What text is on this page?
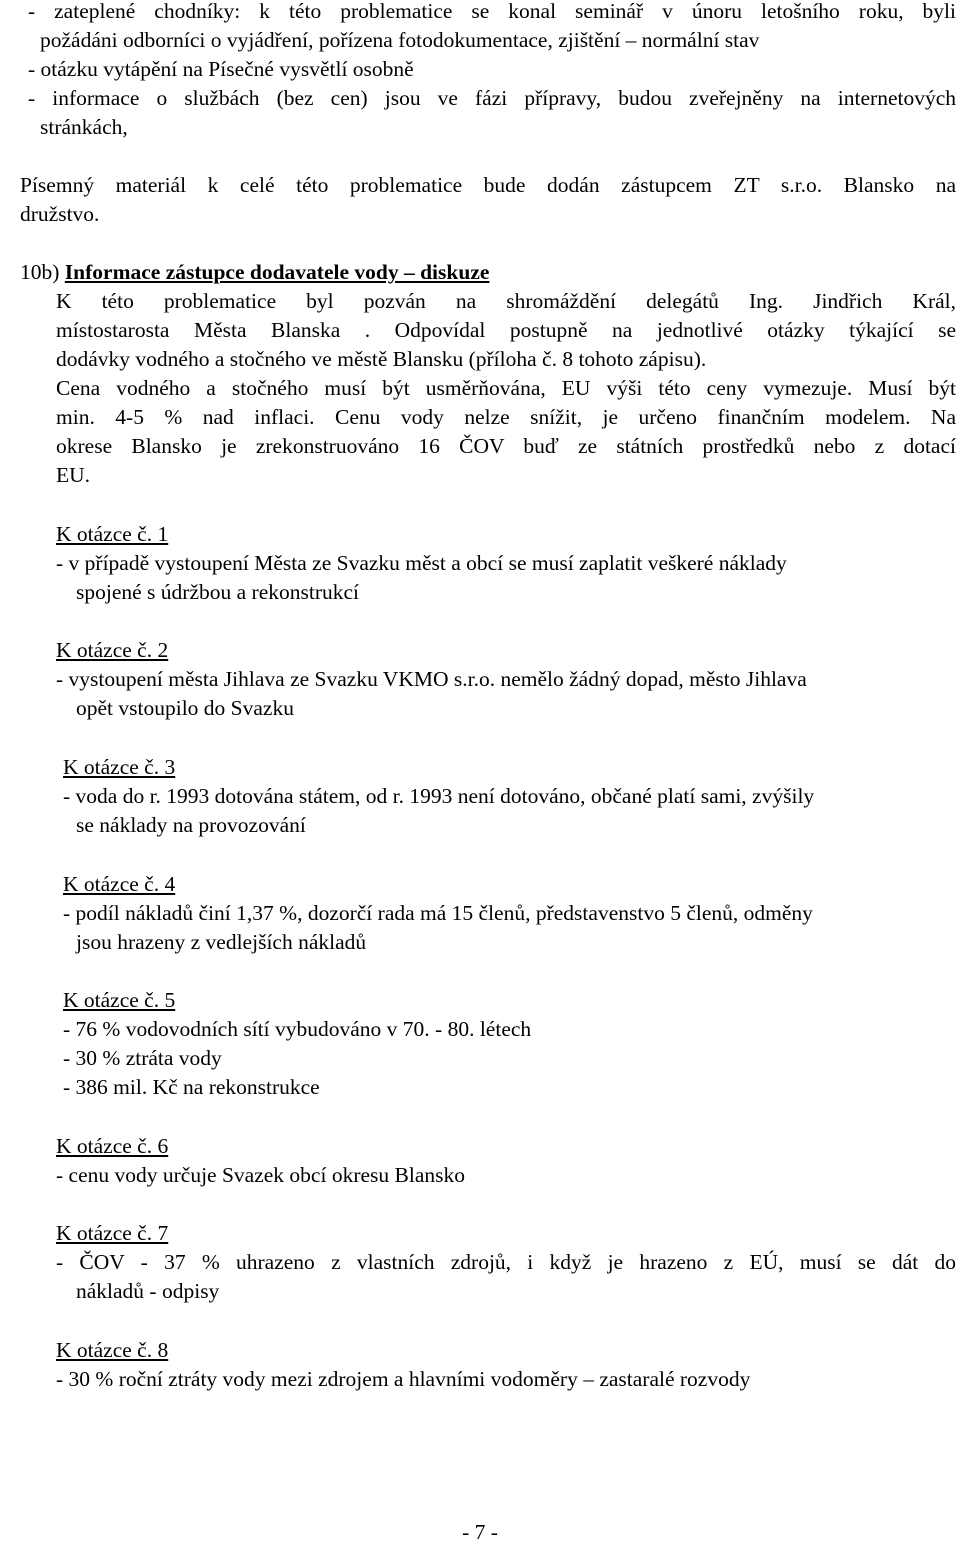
- zateplené chodníky: k této problematice se konal seminář v únoru letošního roku, byli
požádáni odborníci o vyjádření, pořízena fotodokumentace, zjištění – normální stav
- otázku vytápění na Písečné vysvětlí osobně
- informace o službách (bez cen) jsou ve fázi přípravy, budou zveřejněny na internetových
stránkách,
Písemný materiál k celé této problematice bude dodán zástupcem ZT s.r.o. Blansko na
družstvo.
10b) Informace zástupce dodavatele vody – diskuze
K této problematice byl pozván na shromáždění delegátů Ing. Jindřich Král,
místostarosta Města Blanska . Odpovídal postupně na jednotlivé otázky týkající se
dodávky vodného a stočného ve městě Blansku (příloha č. 8 tohoto zápisu).
Cena vodného a stočného musí být usměrňována, EU výši této ceny vymezuje. Musí být
min. 4-5 % nad inflaci. Cenu vody nelze snížit, je určeno finančním modelem. Na
okrese Blansko je zrekonstruováno 16 ČOV buď ze státních prostředků nebo z dotací
EU.
K otázce č. 1
- v případě vystoupení Města ze Svazku měst a obcí se musí zaplatit veškeré náklady
spojené s údržbou a rekonstrukcí
K otázce č. 2
- vystoupení města Jihlava ze Svazku VKMO s.r.o. nemělo žádný dopad, město Jihlava
opět vstoupilo do Svazku
K otázce č. 3
- voda do r. 1993 dotována státem, od r. 1993 není dotováno, občané platí sami, zvýšily
se náklady na provozování
K otázce č. 4
- podíl nákladů činí 1,37 %, dozorčí rada má 15 členů, představenstvo 5 členů, odměny
jsou hrazeny z vedlejších nákladů
K otázce č. 5
- 76 % vodovodních sítí vybudováno v 70. - 80. létech
- 30 % ztráta vody
- 386 mil. Kč na rekonstrukce
K otázce č. 6
- cenu vody určuje Svazek obcí okresu Blansko
K otázce č. 7
- ČOV - 37 % uhrazeno z vlastních zdrojů, i když je hrazeno z EÚ, musí se dát do
nákladů - odpisy
K otázce č. 8
- 30 % roční ztráty vody mezi zdrojem a hlavními vodoměry – zastaralé rozvody
- 7 -
